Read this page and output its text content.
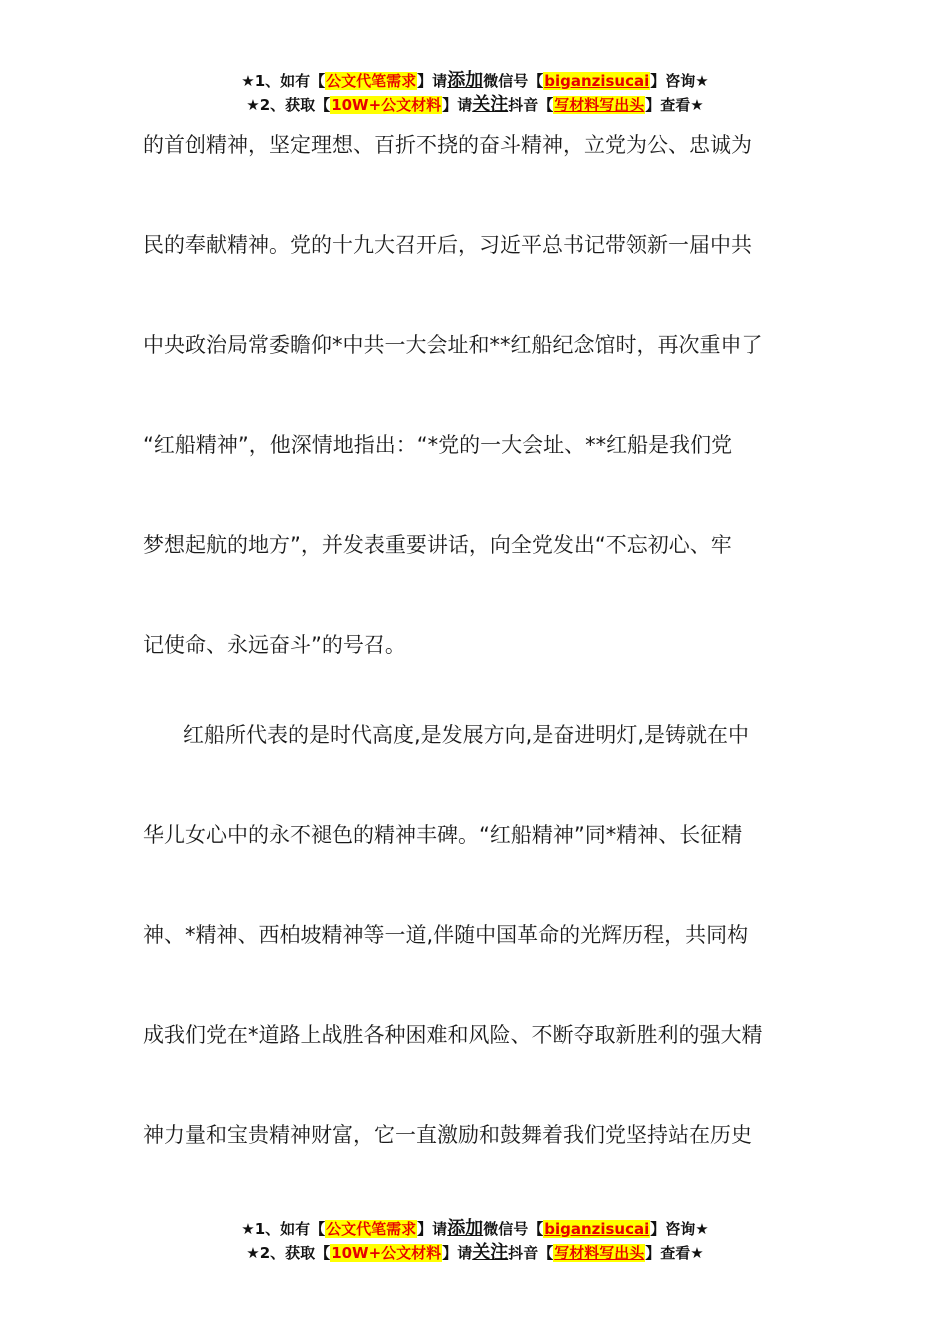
★1、如有【公文代笔需求】请添加微信号【biganzisucai】咨询★
★2、获取【10W+公文材料】请关注抖音【写材料写出头】查看★
的首创精神，坚定理想、百折不挠的奋斗精神，立党为公、忠诚为
民的奉献精神。党的十九大召开后，习近平总书记带领新一届中共
中央政治局常委瞻仰*中共一大会址和**红船纪念馆时，再次重申了
“红船精神”，他深情地指出：“*党的一大会址、**红船是我们党
梦想起航的地方”，并发表重要讲话，向全党发出“不忘初心、牢
记使命、永远奋斗”的号召。
红船所代表的是时代高度,是发展方向,是奋进明灯,是铸就在中
华儿女心中的永不褪色的精神丰碑。“红船精神”同*精神、长征精
神、*精神、西柏坡精神等一道,伴随中国革命的光辉历程，共同构
成我们党在*道路上战胜各种困难和风险、不断夺取新胜利的强大精
神力量和宝贵精神财富，它一直激励和鼓舞着我们党坚持站在历史
★1、如有【公文代笔需求】请添加微信号【biganzisucai】咨询★
★2、获取【10W+公文材料】请关注抖音【写材料写出头】查看★
